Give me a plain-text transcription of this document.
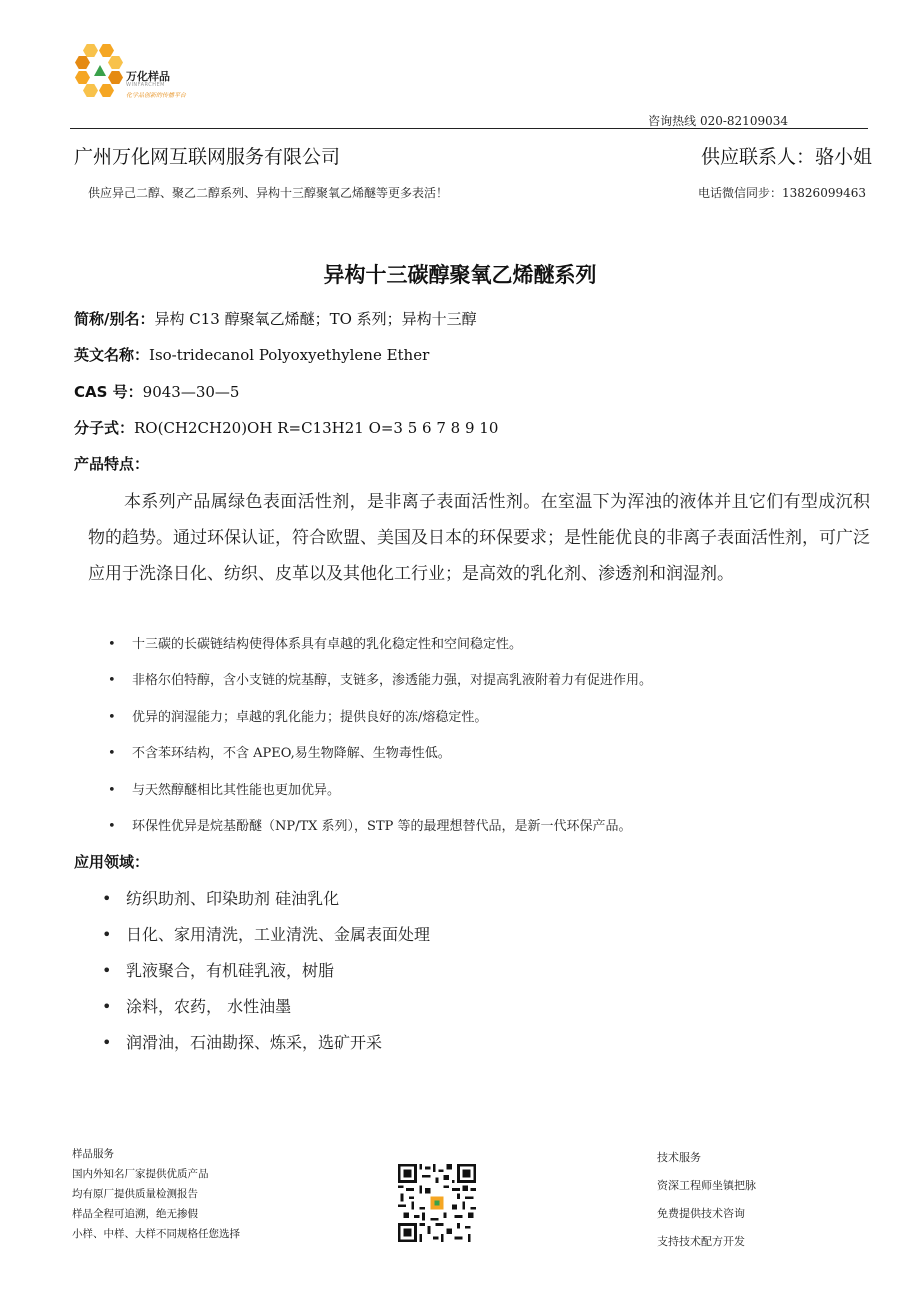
万化样品
WINFARCHEM
化学品创新的传播平台
咨询热线 020-82109034
广州万化网互联网服务有限公司	供应联系人：骆小姐
供应异己二醇、聚乙二醇系列、异构十三醇聚氧乙烯醚等更多表活！	电话微信同步：13826099463
异构十三碳醇聚氧乙烯醚系列
简称/别名：异构 C13 醇聚氧乙烯醚；TO 系列；异构十三醇
英文名称：Iso-tridecanol Polyoxyethylene Ether
CAS 号：9043—30—5
分子式：RO(CH2CH20)OH R=C13H21 O=3 5 6 7 8 9 10
产品特点：
本系列产品属绿色表面活性剂，是非离子表面活性剂。在室温下为浑浊的液体并且它们有型成沉积物的趋势。通过环保认证，符合欧盟、美国及日本的环保要求；是性能优良的非离子表面活性剂，可广泛应用于洗涤日化、纺织、皮革以及其他化工行业；是高效的乳化剂、渗透剂和润湿剂。
• 十三碳的长碳链结构使得体系具有卓越的乳化稳定性和空间稳定性。
• 非格尔伯特醇，含小支链的烷基醇，支链多，渗透能力强，对提高乳液附着力有促进作用。
• 优异的润湿能力；卓越的乳化能力；提供良好的冻/熔稳定性。
• 不含苯环结构，不含 APEO,易生物降解、生物毒性低。
• 与天然醇醚相比其性能也更加优异。
• 环保性优异是烷基酚醚（NP/TX 系列），STP 等的最理想替代品，是新一代环保产品。
应用领域：
• 纺织助剂、印染助剂 硅油乳化
• 日化、家用清洗，工业清洗、金属表面处理
• 乳液聚合，有机硅乳液，树脂
• 涂料，农药， 水性油墨
• 润滑油，石油勘探、炼采，选矿开采
样品服务
国内外知名厂家提供优质产品
均有原厂提供质量检测报告
样品全程可追溯，绝无掺假
小样、中样、大样不同规格任您选择
技术服务
资深工程师坐镇把脉
免费提供技术咨询
支持技术配方开发
